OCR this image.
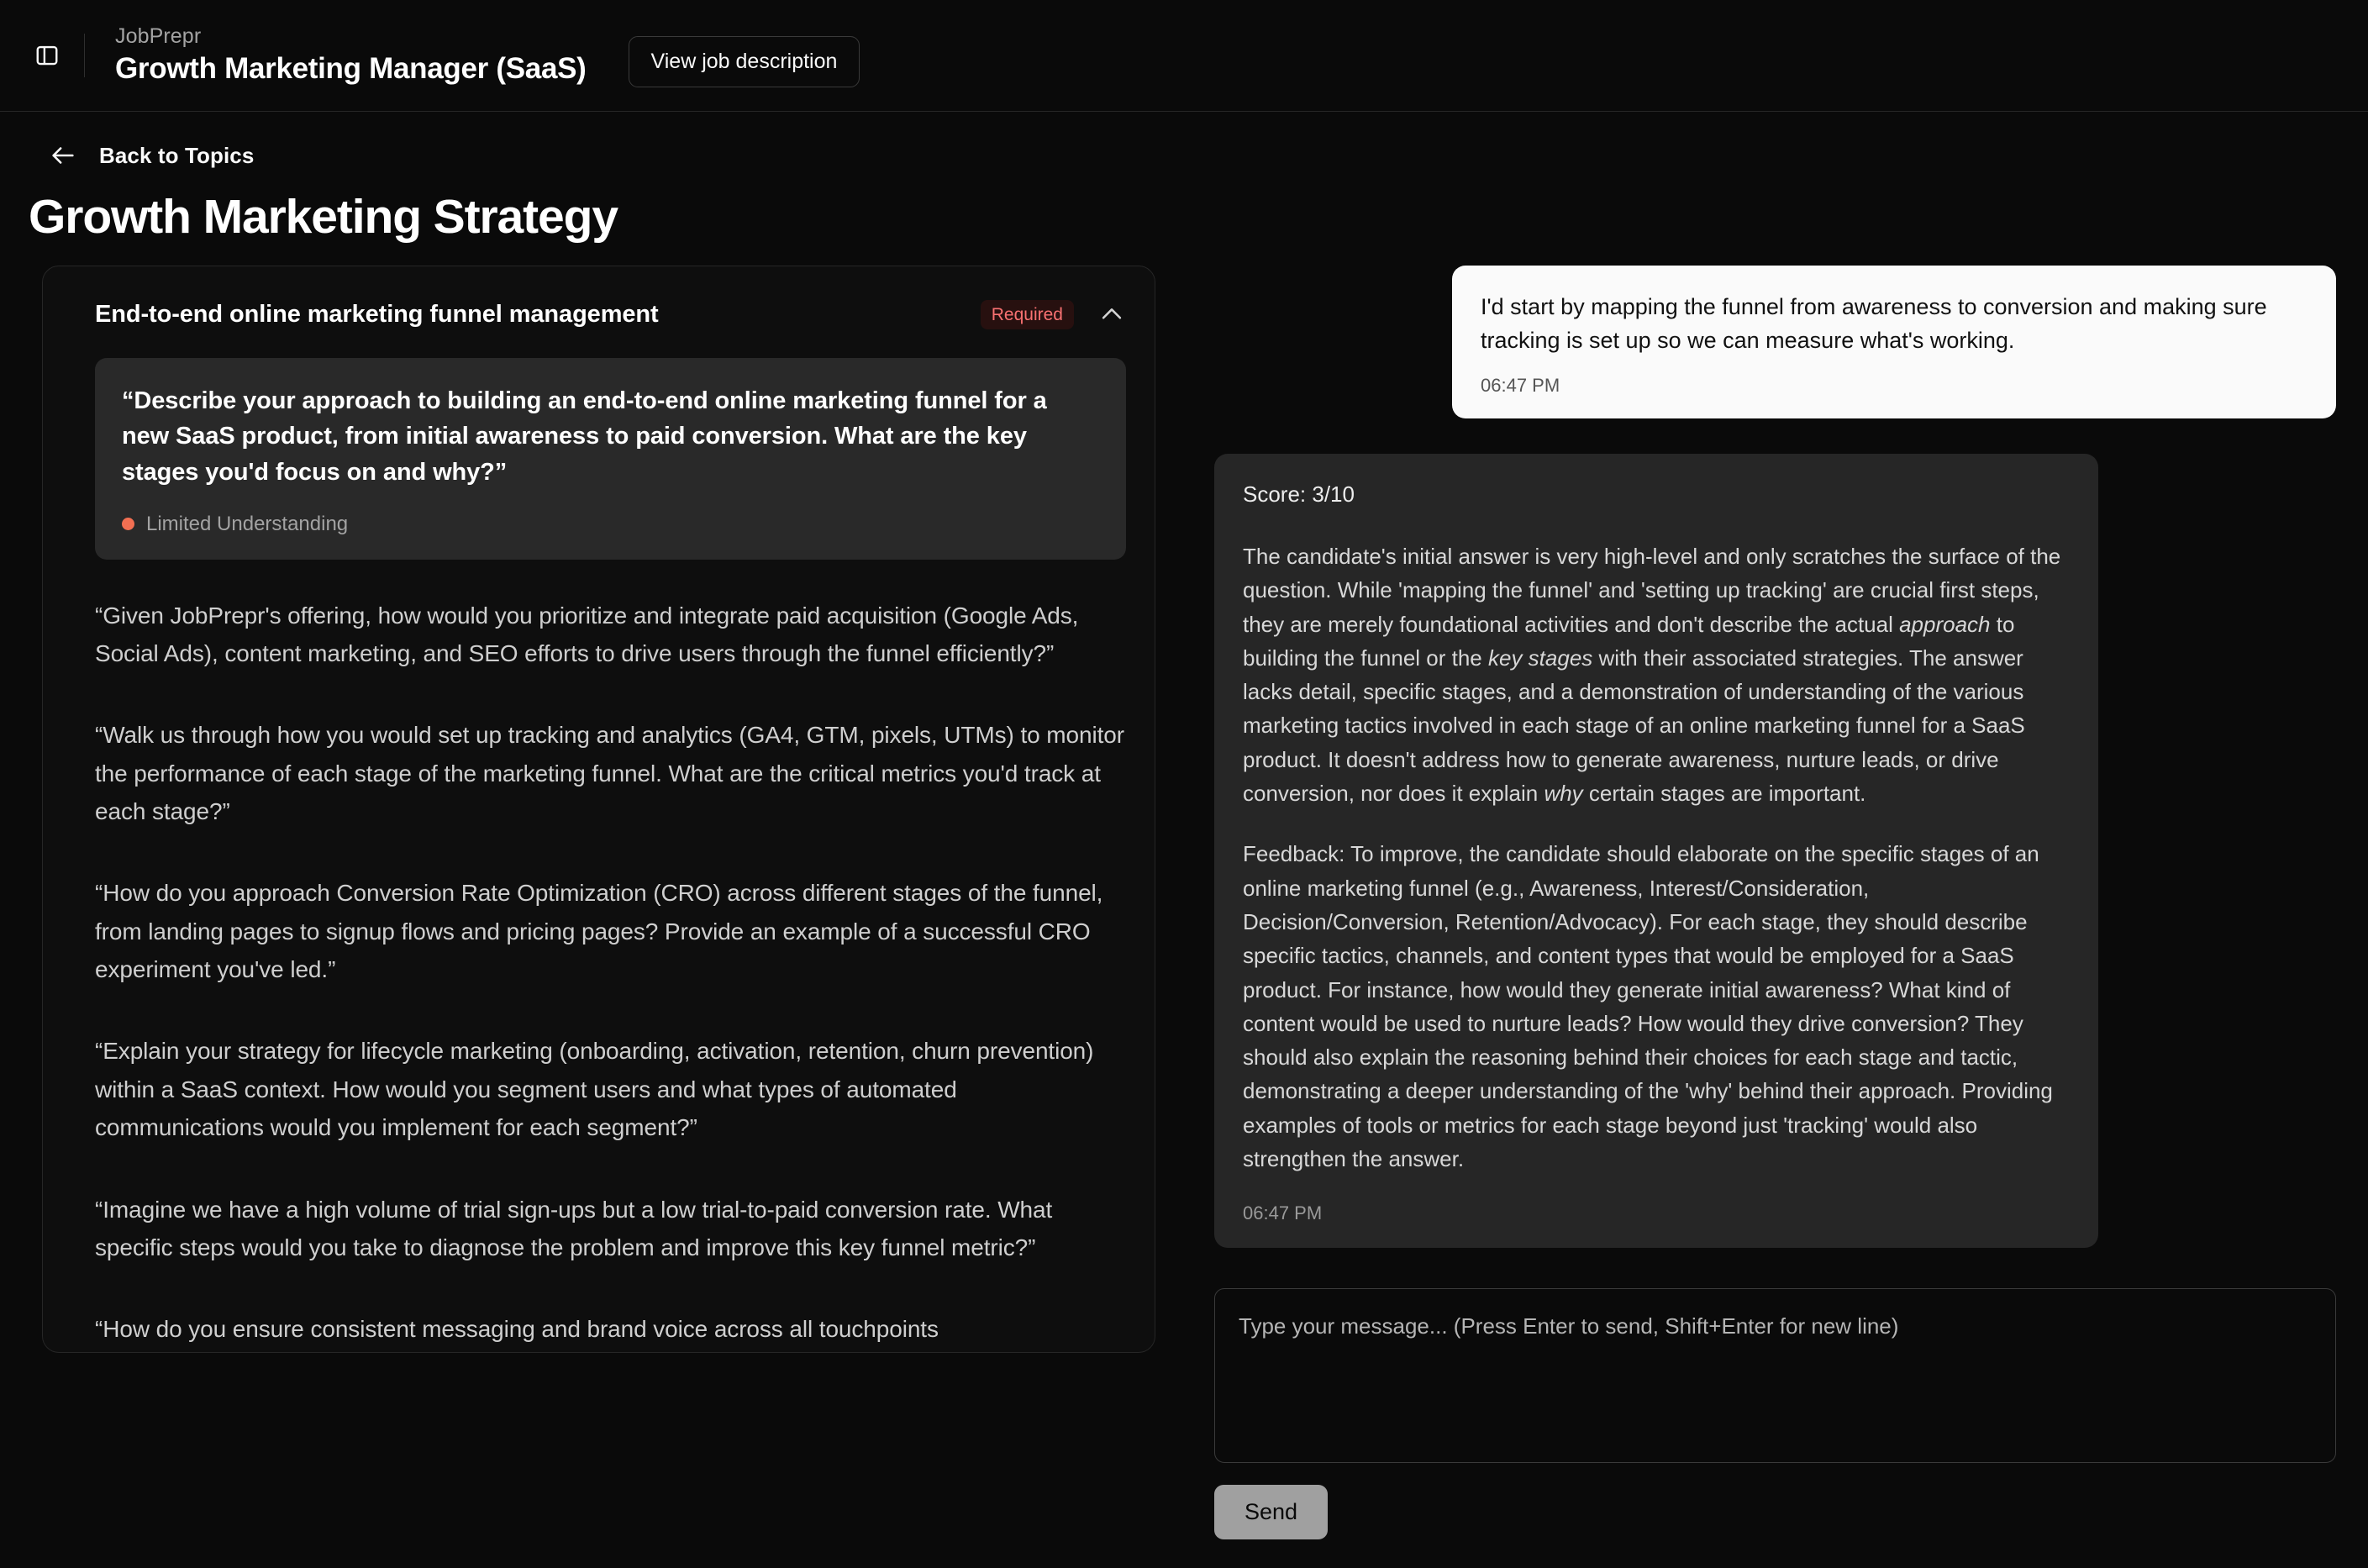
JobPrepr
Growth Marketing Manager (SaaS)	View job description
Back to Topics
Growth Marketing Strategy
End-to-end online marketing funnel management	Required
“Describe your approach to building an end-to-end online marketing funnel for a new SaaS product, from initial awareness to paid conversion. What are the key stages you'd focus on and why?”
Limited Understanding
“Given JobPrepr's offering, how would you prioritize and integrate paid acquisition (Google Ads, Social Ads), content marketing, and SEO efforts to drive users through the funnel efficiently?”
“Walk us through how you would set up tracking and analytics (GA4, GTM, pixels, UTMs) to monitor the performance of each stage of the marketing funnel. What are the critical metrics you'd track at each stage?”
“How do you approach Conversion Rate Optimization (CRO) across different stages of the funnel, from landing pages to signup flows and pricing pages? Provide an example of a successful CRO experiment you've led.”
“Explain your strategy for lifecycle marketing (onboarding, activation, retention, churn prevention) within a SaaS context. How would you segment users and what types of automated communications would you implement for each segment?”
“Imagine we have a high volume of trial sign-ups but a low trial-to-paid conversion rate. What specific steps would you take to diagnose the problem and improve this key funnel metric?”
“How do you ensure consistent messaging and brand voice across all touchpoints
I'd start by mapping the funnel from awareness to conversion and making sure tracking is set up so we can measure what's working.
06:47 PM
Score: 3/10
The candidate's initial answer is very high-level and only scratches the surface of the question. While 'mapping the funnel' and 'setting up tracking' are crucial first steps, they are merely foundational activities and don't describe the actual approach to building the funnel or the key stages with their associated strategies. The answer lacks detail, specific stages, and a demonstration of understanding of the various marketing tactics involved in each stage of an online marketing funnel for a SaaS product. It doesn't address how to generate awareness, nurture leads, or drive conversion, nor does it explain why certain stages are important.
Feedback: To improve, the candidate should elaborate on the specific stages of an online marketing funnel (e.g., Awareness, Interest/Consideration, Decision/Conversion, Retention/Advocacy). For each stage, they should describe specific tactics, channels, and content types that would be employed for a SaaS product. For instance, how would they generate initial awareness? What kind of content would be used to nurture leads? How would they drive conversion? They should also explain the reasoning behind their choices for each stage and tactic, demonstrating a deeper understanding of the 'why' behind their approach. Providing examples of tools or metrics for each stage beyond just 'tracking' would also strengthen the answer.
06:47 PM
Type your message... (Press Enter to send, Shift+Enter for new line) Send
